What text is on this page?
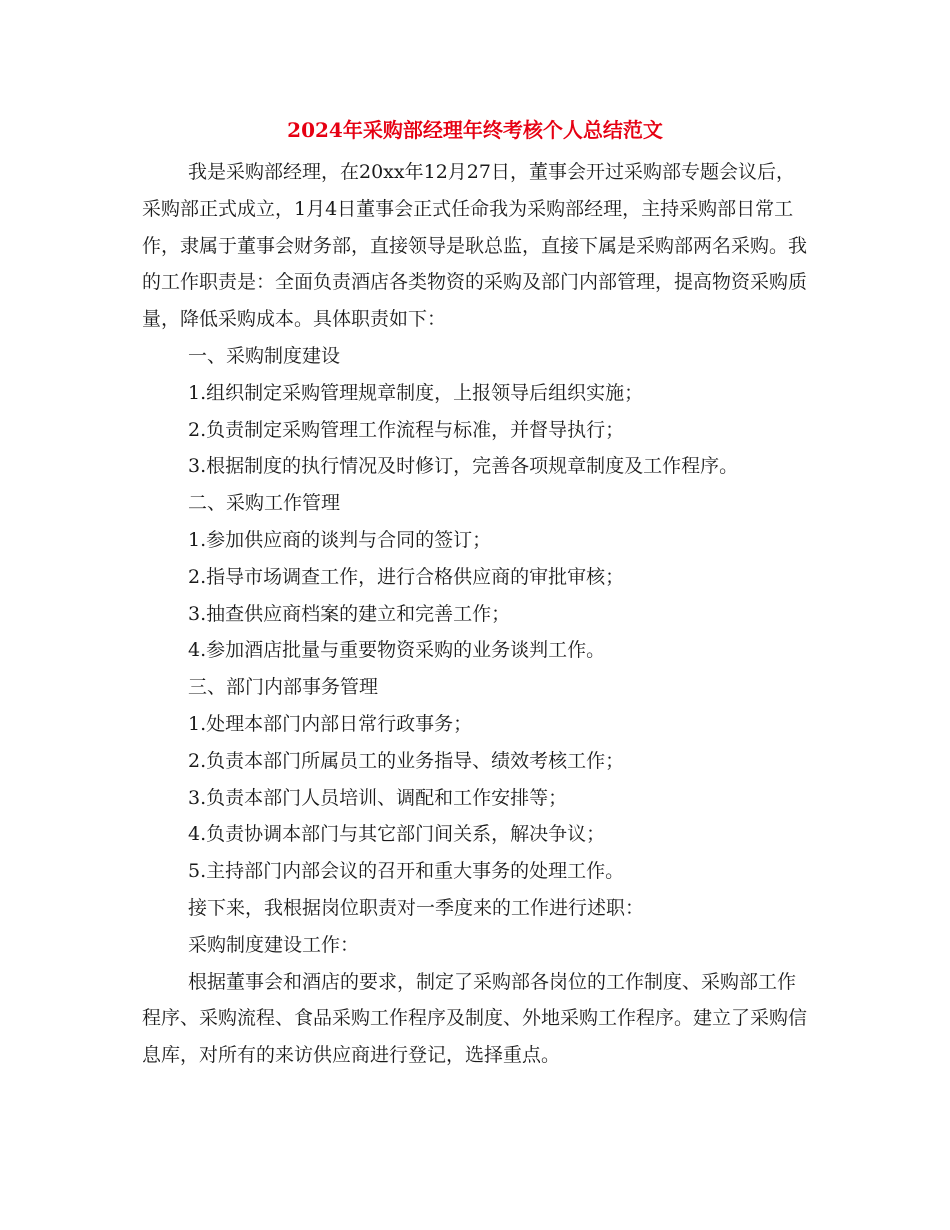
2024年采购部经理年终考核个人总结范文

我是采购部经理，在20xx年12月27日，董事会开过采购部专题会议后，采购部正式成立，1月4日董事会正式任命我为采购部经理，主持采购部日常工作，隶属于董事会财务部，直接领导是耿总监，直接下属是采购部两名采购。我的工作职责是：全面负责酒店各类物资的采购及部门内部管理，提高物资采购质量，降低采购成本。具体职责如下：

一、采购制度建设

1.组织制定采购管理规章制度，上报领导后组织实施；

2.负责制定采购管理工作流程与标准，并督导执行；

3.根据制度的执行情况及时修订，完善各项规章制度及工作程序。

二、采购工作管理

1.参加供应商的谈判与合同的签订；

2.指导市场调查工作，进行合格供应商的审批审核；

3.抽查供应商档案的建立和完善工作；

4.参加酒店批量与重要物资采购的业务谈判工作。

三、部门内部事务管理

1.处理本部门内部日常行政事务；

2.负责本部门所属员工的业务指导、绩效考核工作；

3.负责本部门人员培训、调配和工作安排等；

4.负责协调本部门与其它部门间关系，解决争议；

5.主持部门内部会议的召开和重大事务的处理工作。

接下来，我根据岗位职责对一季度来的工作进行述职：

采购制度建设工作：

根据董事会和酒店的要求，制定了采购部各岗位的工作制度、采购部工作程序、采购流程、食品采购工作程序及制度、外地采购工作程序。建立了采购信息库，对所有的来访供应商进行登记，选择重点。
